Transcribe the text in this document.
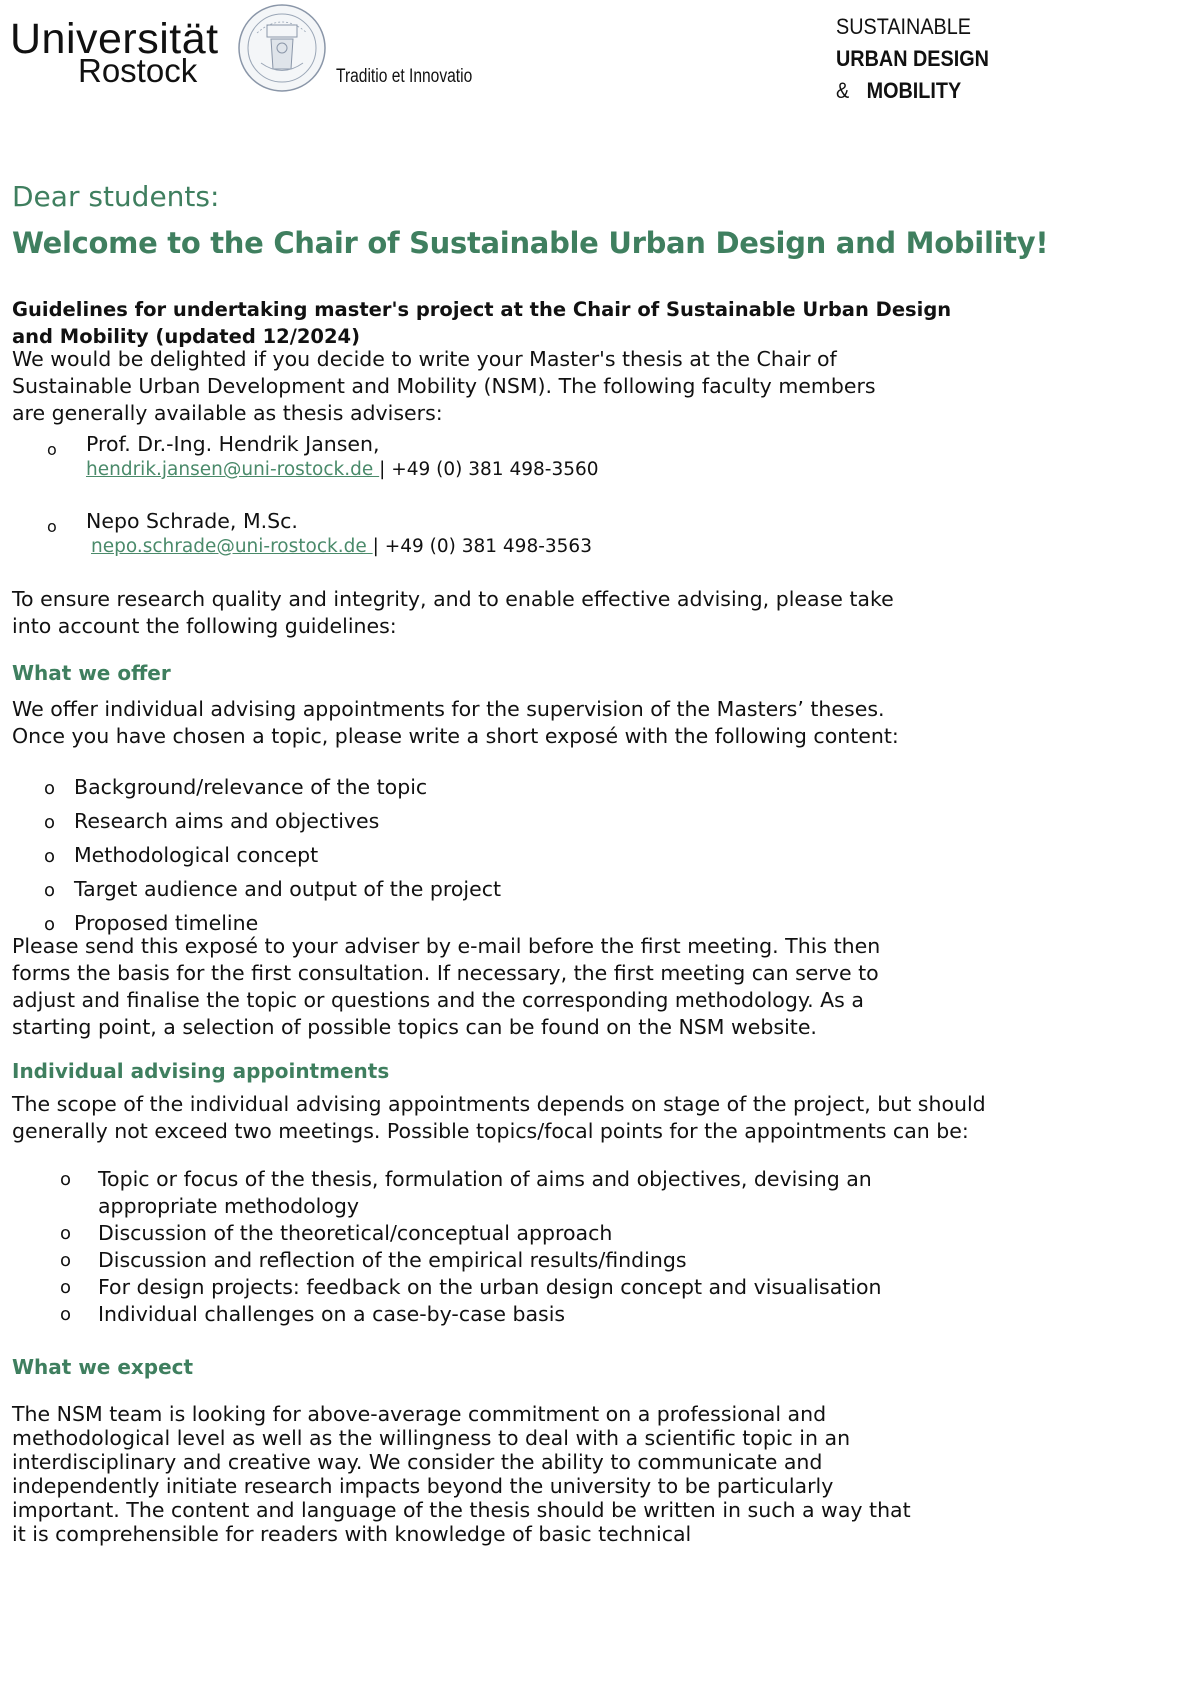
Universität
Rostock	Traditio et Innovatio
SUSTAINABLE
URBAN DESIGN
& MOBILITY
Dear students:
Welcome to the Chair of Sustainable Urban Design and Mobility!
Guidelines for undertaking master's project at the Chair of Sustainable Urban Design and Mobility (updated 12/2024)
We would be delighted if you decide to write your Master's thesis at the Chair of Sustainable Urban Development and Mobility (NSM). The following faculty members are generally available as thesis advisers:
o Prof. Dr.-Ing. Hendrik Jansen,
hendrik.jansen@uni-rostock.de | +49 (0) 381 498-3560
o Nepo Schrade, M.Sc.
nepo.schrade@uni-rostock.de | +49 (0) 381 498-3563
To ensure research quality and integrity, and to enable effective advising, please take into account the following guidelines:
What we offer
We offer individual advising appointments for the supervision of the Masters’ theses. Once you have chosen a topic, please write a short exposé with the following content:
o Background/relevance of the topic
o Research aims and objectives
o Methodological concept
o Target audience and output of the project
o Proposed timeline
Please send this exposé to your adviser by e-mail before the first meeting. This then forms the basis for the first consultation. If necessary, the first meeting can serve to adjust and finalise the topic or questions and the corresponding methodology. As a starting point, a selection of possible topics can be found on the NSM website.
Individual advising appointments
The scope of the individual advising appointments depends on stage of the project, but should generally not exceed two meetings. Possible topics/focal points for the appointments can be:
o	Topic or focus of the thesis, formulation of aims and objectives, devising an appropriate methodology
o	Discussion of the theoretical/conceptual approach
o	Discussion and reflection of the empirical results/findings
o	For design projects: feedback on the urban design concept and visualisation
o	Individual challenges on a case-by-case basis
What we expect
The NSM team is looking for above-average commitment on a professional and methodological level as well as the willingness to deal with a scientific topic in an interdisciplinary and creative way. We consider the ability to communicate and independently initiate research impacts beyond the university to be particularly important. The content and language of the thesis should be written in such a way that it is comprehensible for readers with knowledge of basic technical
